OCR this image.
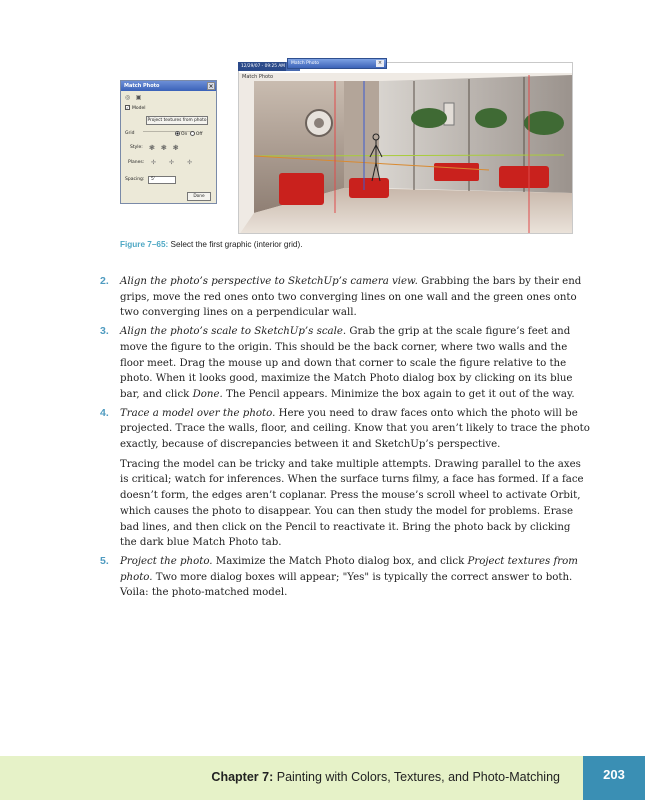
Match Photo	×
◎ ▣
✓ Model
Project textures from photo
Grid	On Off
Style: ❃❃❃
Planes: ✢✢✢
Spacing:	5'
Done
Match Photo
12/29/07 - 09:25 AM
Match Photo	×
Figure 7–65: Select the first graphic (interior grid).
2. Align the photo’s perspective to SketchUp’s camera view. Grabbing the bars by their end grips, move the red ones onto two converging lines on one wall and the green ones onto two converging lines on a perpendicular wall.

3. Align the photo’s scale to SketchUp’s scale. Grab the grip at the scale figure’s feet and move the figure to the origin. This should be the back corner, where two walls and the floor meet. Drag the mouse up and down that corner to scale the figure relative to the photo. When it looks good, maximize the Match Photo dialog box by clicking on its blue bar, and click Done. The Pencil appears. Minimize the box again to get it out of the way.

4. Trace a model over the photo. Here you need to draw faces onto which the photo will be projected. Trace the walls, floor, and ceiling. Know that you aren’t likely to trace the photo exactly, because of discrepancies between it and SketchUp’s perspective.

Tracing the model can be tricky and take multiple attempts. Drawing parallel to the axes is critical; watch for inferences. When the surface turns filmy, a face has formed. If a face doesn’t form, the edges aren’t coplanar. Press the mouse’s scroll wheel to activate Orbit, which causes the photo to disappear. You can then study the model for problems. Erase bad lines, and then click on the Pencil to reactivate it. Bring the photo back by clicking the dark blue Match Photo tab.

5. Project the photo. Maximize the Match Photo dialog box, and click Project textures from photo. Two more dialog boxes will appear; "Yes" is typically the correct answer to both. Voila: the photo-matched model.

Chapter 7: Painting with Colors, Textures, and Photo-Matching	203
